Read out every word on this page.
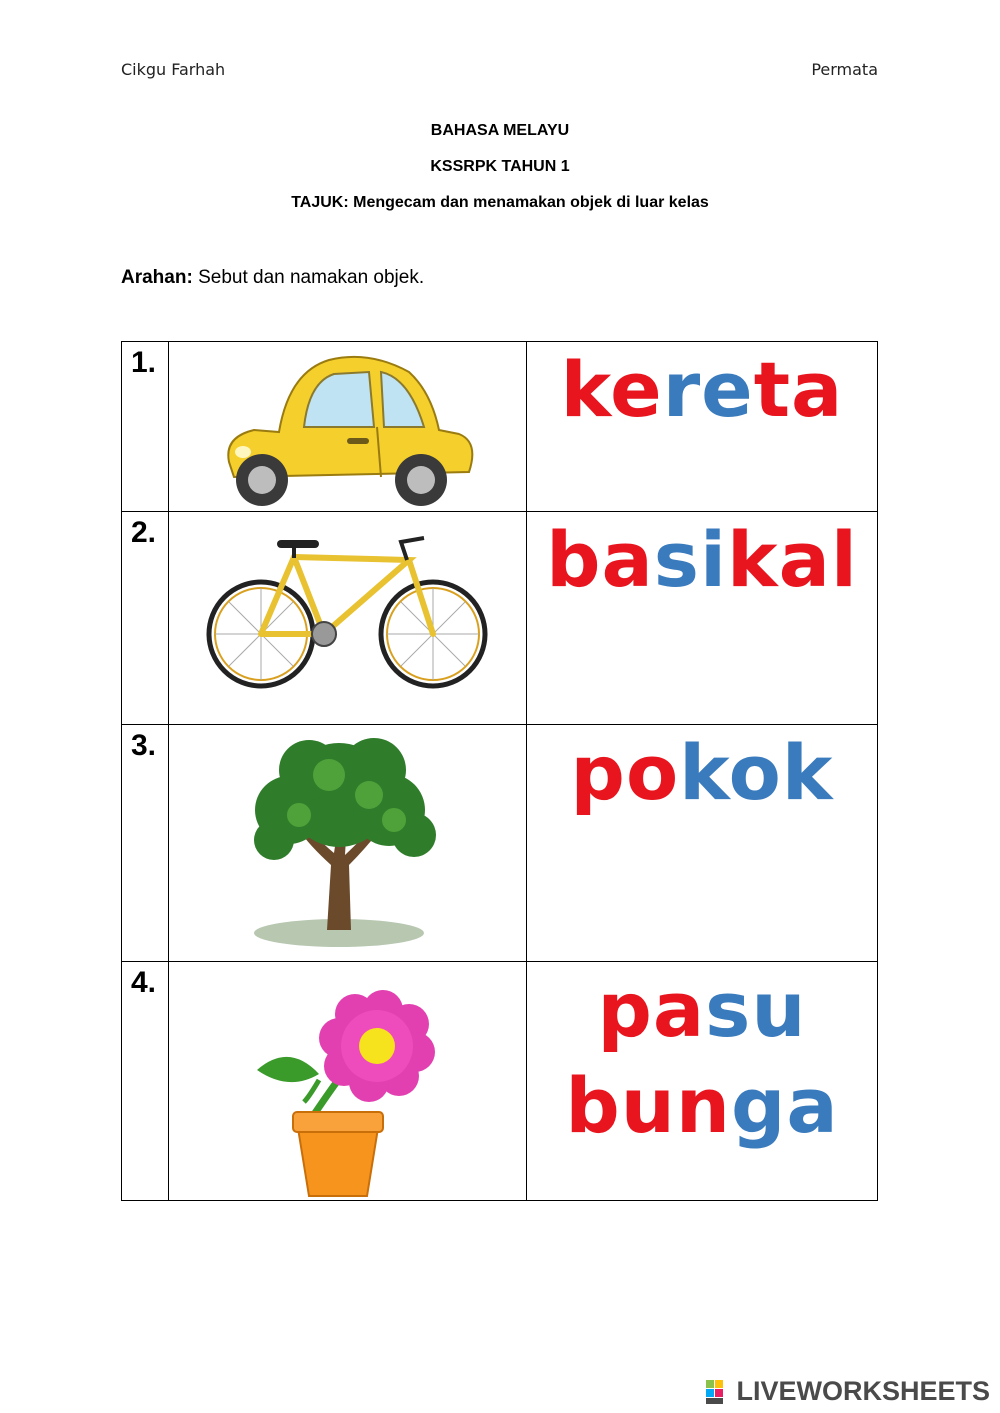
Cikgu Farhah	Permata
BAHASA MELAYU
KSSRPK TAHUN 1
TAJUK: Mengecam dan menamakan objek di luar kelas
Arahan: Sebut dan namakan objek.
1.		kereta

2.		basikal

3.		pokok

4.		pasu
bunga
LIVEWORKSHEETS
